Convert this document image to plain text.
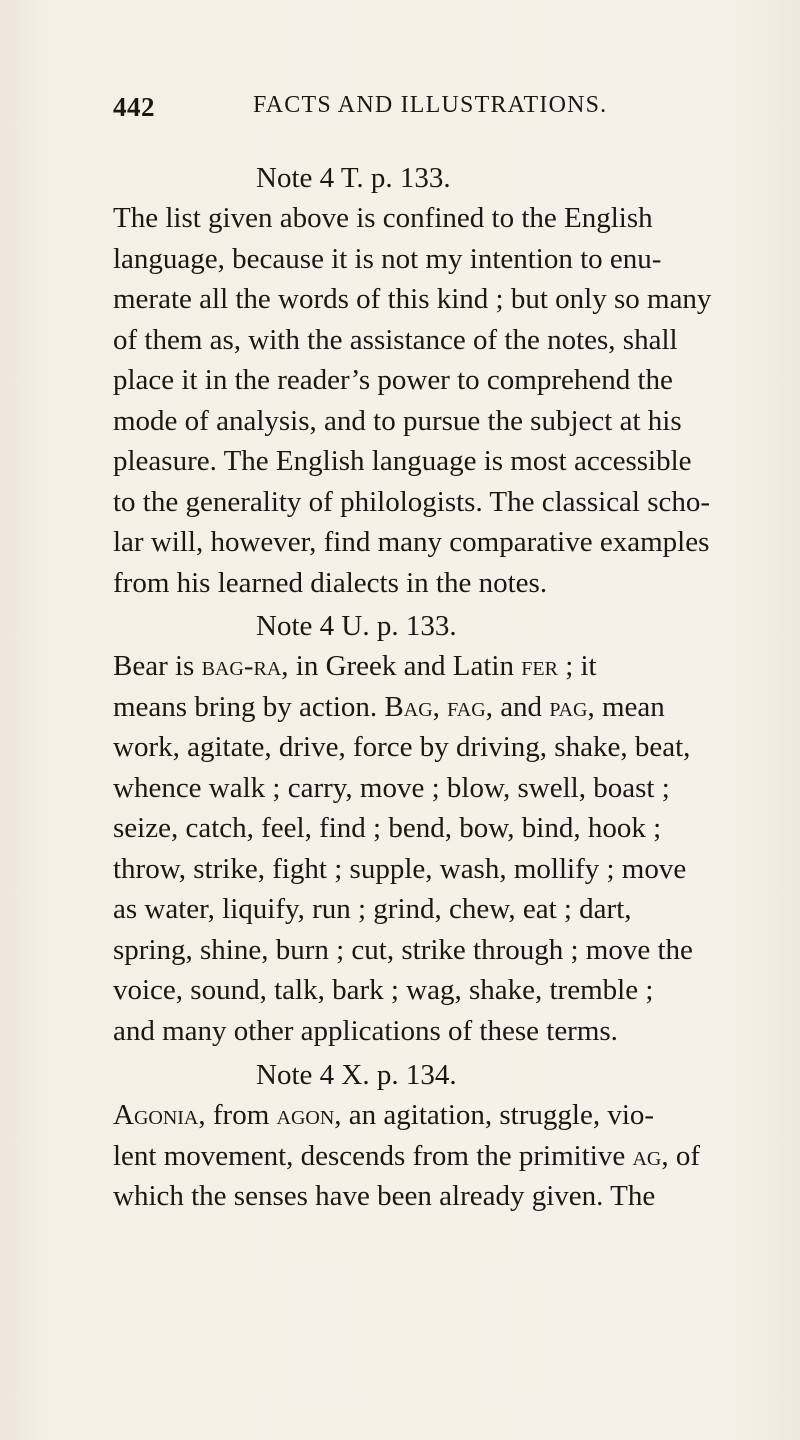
442	FACTS AND ILLUSTRATIONS.
Note 4 T. p. 133.

The list given above is confined to the English

language, because it is not my intention to enu-

merate all the words of this kind ; but only so many

of them as, with the assistance of the notes, shall

place it in the reader’s power to comprehend the

mode of analysis, and to pursue the subject at his

pleasure. The English language is most accessible

to the generality of philologists. The classical scho-

lar will, however, find many comparative examples

from his learned dialects in the notes.

Note 4 U. p. 133.

Bear is bag-ra, in Greek and Latin fer ; it

means bring by action. Bag, fag, and pag, mean

work, agitate, drive, force by driving, shake, beat,

whence walk ; carry, move ; blow, swell, boast ;

seize, catch, feel, find ; bend, bow, bind, hook ;

throw, strike, fight ; supple, wash, mollify ; move

as water, liquify, run ; grind, chew, eat ; dart,

spring, shine, burn ; cut, strike through ; move the

voice, sound, talk, bark ; wag, shake, tremble ;

and many other applications of these terms.

Note 4 X. p. 134.

Agonia, from agon, an agitation, struggle, vio-

lent movement, descends from the primitive ag, of

which the senses have been already given. The
